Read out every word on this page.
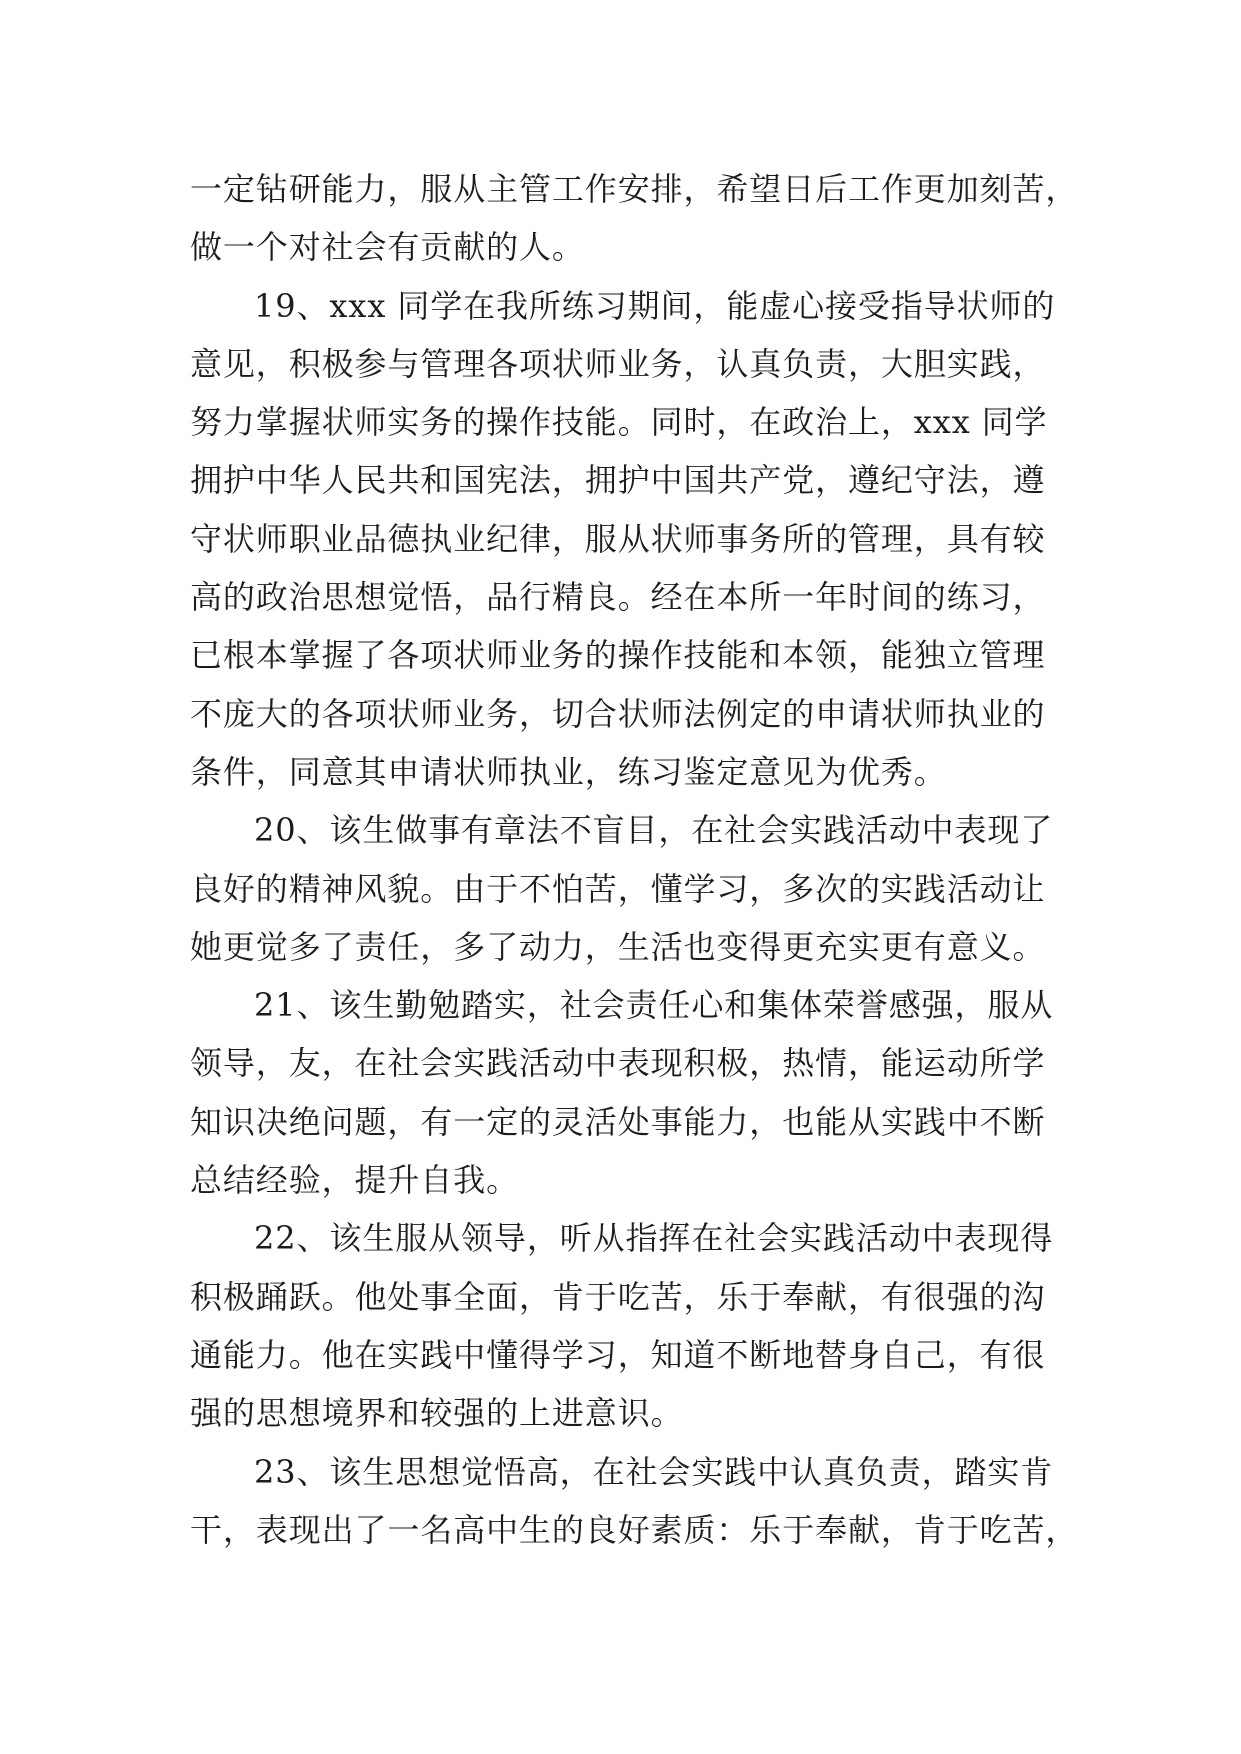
一定钻研能力，服从主管工作安排，希望日后工作更加刻苦，
做一个对社会有贡献的人。
19、xxx 同学在我所练习期间，能虚心接受指导状师的
意见，积极参与管理各项状师业务，认真负责，大胆实践，
努力掌握状师实务的操作技能。同时，在政治上，xxx 同学
拥护中华人民共和国宪法，拥护中国共产党，遵纪守法，遵
守状师职业品德执业纪律，服从状师事务所的管理，具有较
高的政治思想觉悟，品行精良。经在本所一年时间的练习，
已根本掌握了各项状师业务的操作技能和本领，能独立管理
不庞大的各项状师业务，切合状师法例定的申请状师执业的
条件，同意其申请状师执业，练习鉴定意见为优秀。
20、该生做事有章法不盲目，在社会实践活动中表现了
良好的精神风貌。由于不怕苦，懂学习，多次的实践活动让
她更觉多了责任，多了动力，生活也变得更充实更有意义。
21、该生勤勉踏实，社会责任心和集体荣誉感强，服从
领导，友，在社会实践活动中表现积极，热情，能运动所学
知识决绝问题，有一定的灵活处事能力，也能从实践中不断
总结经验，提升自我。
22、该生服从领导，听从指挥在社会实践活动中表现得
积极踊跃。他处事全面，肯于吃苦，乐于奉献，有很强的沟
通能力。他在实践中懂得学习，知道不断地替身自己，有很
强的思想境界和较强的上进意识。
23、该生思想觉悟高，在社会实践中认真负责，踏实肯
干，表现出了一名高中生的良好素质：乐于奉献，肯于吃苦，
